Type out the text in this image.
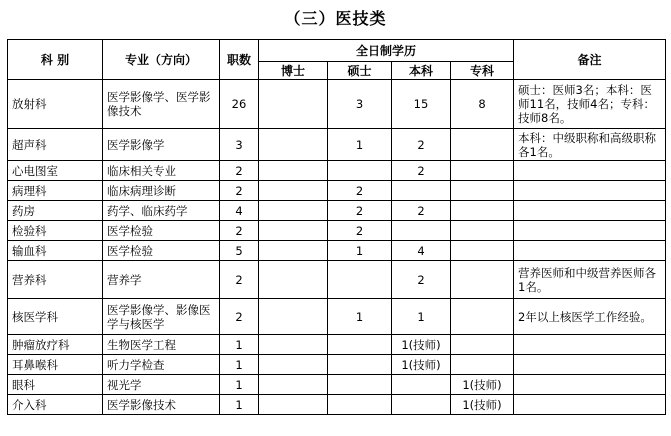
（三）医技类
科 别	专业（方向）	职数	全日制学历				备注
			博士	硕士	本科	专科	
放射科	医学影像学、医学影像技术	26		3	15	8	硕士：医师3名；本科：医师11名，技师4名；专科：技师8名。
超声科	医学影像学	3		1	2		本科：中级职称和高级职称各1名。
心电图室	临床相关专业	2			2		
病理科	临床病理诊断	2		2			
药房	药学、临床药学	4		2	2		
检验科	医学检验	2		2			
输血科	医学检验	5		1	4		
营养科	营养学	2			2		营养医师和中级营养医师各1名。
核医学科	医学影像学、影像医学与核医学	2		1	1		2年以上核医学工作经验。
肿瘤放疗科	生物医学工程	1			1(技师)		
耳鼻喉科	听力学检查	1			1(技师)		
眼科	视光学	1				1(技师)	
介入科	医学影像技术	1				1(技师)	
